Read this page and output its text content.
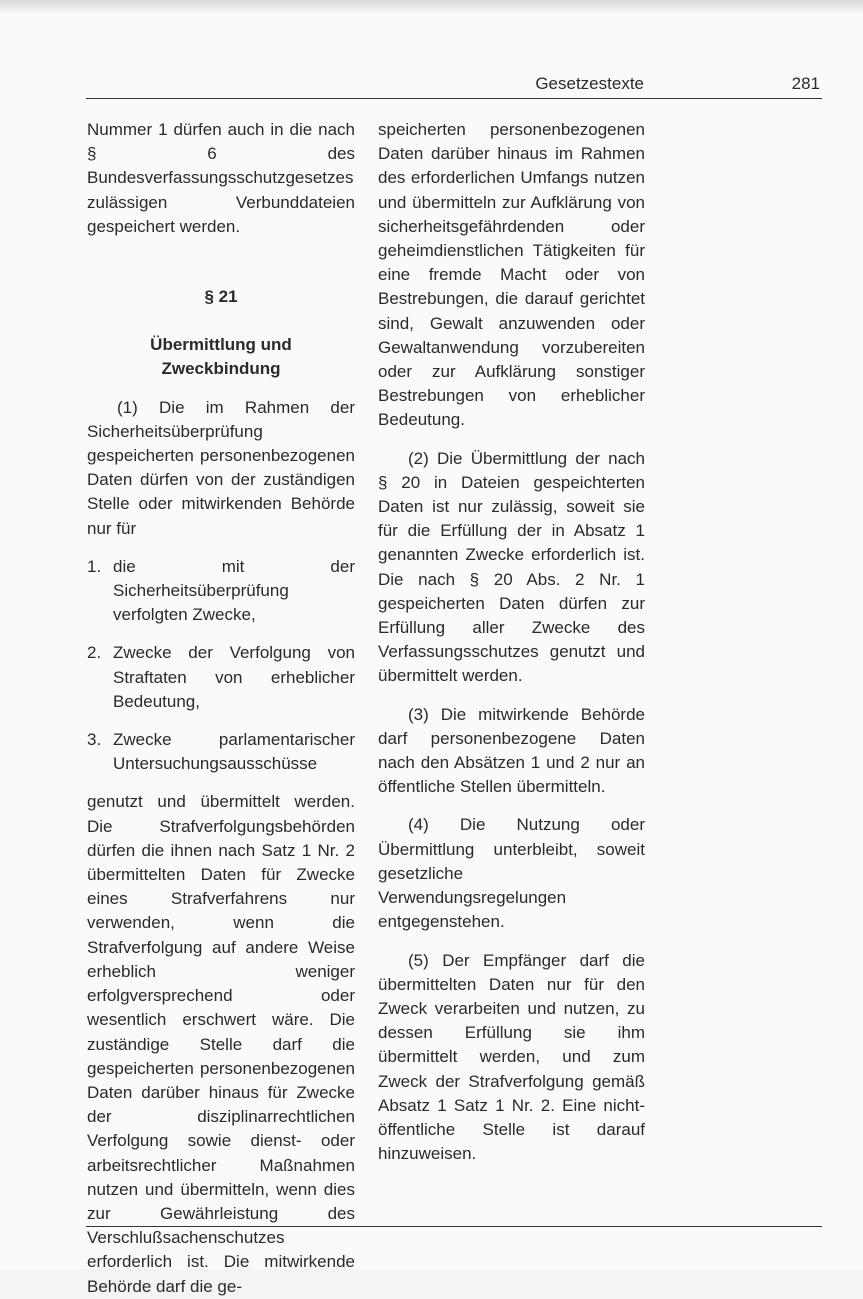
Gesetzestexte	281

Nummer 1 dürfen auch in die nach § 6 des Bundesverfassungsschutzgesetzes zulässigen Verbunddateien gespeichert werden.

§ 21

Übermittlung und
Zweckbindung

(1) Die im Rahmen der Sicherheitsüberprüfung gespeicherten personenbezogenen Daten dürfen von der zuständigen Stelle oder mitwirkenden Behörde nur für

1. die mit der Sicherheitsüberprüfung verfolgten Zwecke,
2. Zwecke der Verfolgung von Straftaten von erheblicher Bedeutung,
3. Zwecke parlamentarischer Untersuchungsausschüsse

genutzt und übermittelt werden. Die Strafverfolgungsbehörden dürfen die ihnen nach Satz 1 Nr. 2 übermittelten Daten für Zwecke eines Strafverfahrens nur verwenden, wenn die Strafverfolgung auf andere Weise erheblich weniger erfolgversprechend oder wesentlich erschwert wäre. Die zuständige Stelle darf die gespeicherten personenbezogenen Daten darüber hinaus für Zwecke der disziplinarrechtlichen Verfolgung sowie dienst- oder arbeitsrechtlicher Maßnahmen nutzen und übermitteln, wenn dies zur Gewährleistung des Verschlußsachenschutzes erforderlich ist. Die mitwirkende Behörde darf die ge-

speicherten personenbezogenen Daten darüber hinaus im Rahmen des erforderlichen Umfangs nutzen und übermitteln zur Aufklärung von sicherheitsgefährdenden oder geheimdienstlichen Tätigkeiten für eine fremde Macht oder von Bestrebungen, die darauf gerichtet sind, Gewalt anzuwenden oder Gewaltanwendung vorzubereiten oder zur Aufklärung sonstiger Bestrebungen von erheblicher Bedeutung.

(2) Die Übermittlung der nach § 20 in Dateien gespeichterten Daten ist nur zulässig, soweit sie für die Erfüllung der in Absatz 1 genannten Zwecke erforderlich ist. Die nach § 20 Abs. 2 Nr. 1 gespeicherten Daten dürfen zur Erfüllung aller Zwecke des Verfassungsschutzes genutzt und übermittelt werden.

(3) Die mitwirkende Behörde darf personenbezogene Daten nach den Absätzen 1 und 2 nur an öffentliche Stellen übermitteln.

(4) Die Nutzung oder Übermittlung unterbleibt, soweit gesetzliche Verwendungsregelungen entgegenstehen.

(5) Der Empfänger darf die übermittelten Daten nur für den Zweck verarbeiten und nutzen, zu dessen Erfüllung sie ihm übermittelt werden, und zum Zweck der Strafverfolgung gemäß Absatz 1 Satz 1 Nr. 2. Eine nicht-öffentliche Stelle ist darauf hinzuweisen.
